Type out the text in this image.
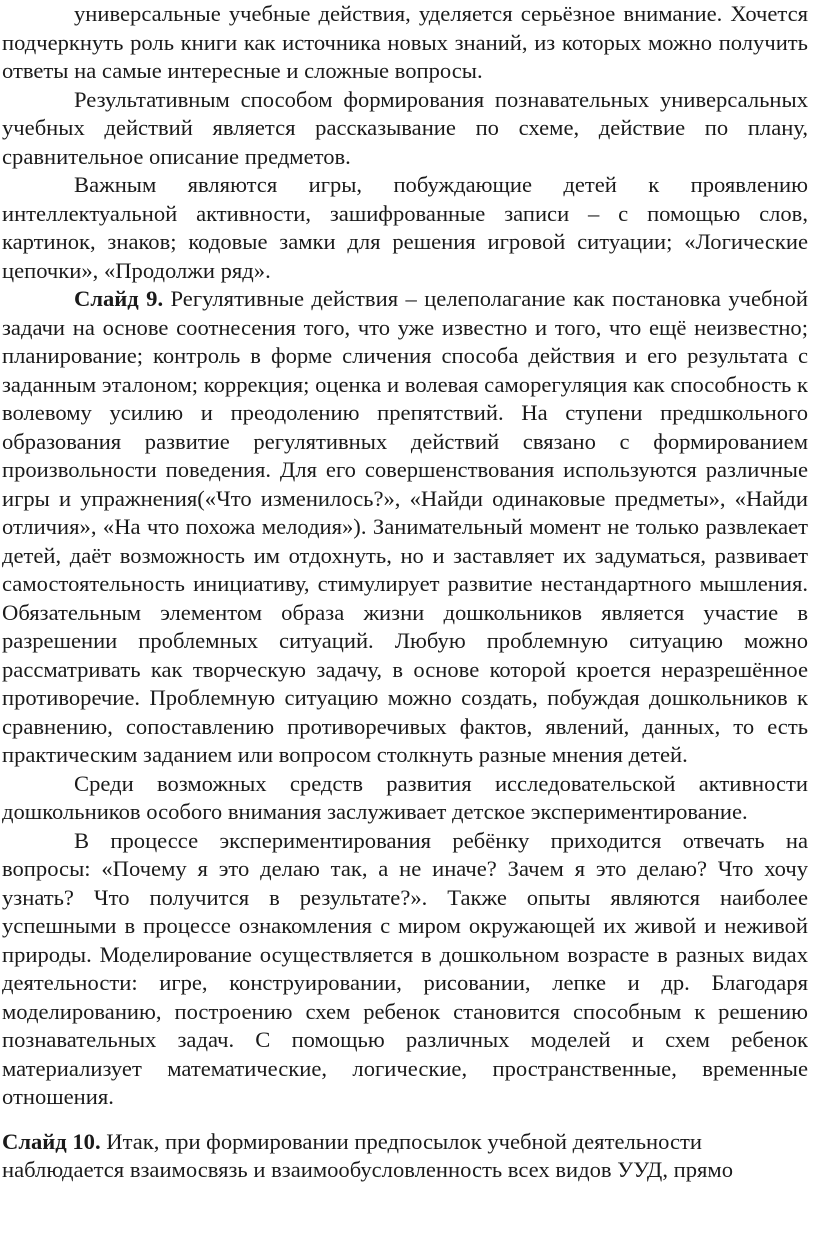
универсальные учебные действия, уделяется серьёзное внимание. Хочется подчеркнуть роль книги как источника новых знаний, из которых можно получить ответы на самые интересные и сложные вопросы.

Результативным способом формирования познавательных универсальных учебных действий является рассказывание по схеме, действие по плану, сравнительное описание предметов.

Важным являются игры, побуждающие детей к проявлению интеллектуальной активности, зашифрованные записи – с помощью слов, картинок, знаков; кодовые замки для решения игровой ситуации; «Логические цепочки», «Продолжи ряд».

Слайд 9. Регулятивные действия – целеполагание как постановка учебной задачи на основе соотнесения того, что уже известно и того, что ещё неизвестно; планирование; контроль в форме сличения способа действия и его результата с заданным эталоном; коррекция; оценка и волевая саморегуляция как способность к волевому усилию и преодолению препятствий. На ступени предшкольного образования развитие регулятивных действий связано с формированием произвольности поведения. Для его совершенствования используются различные игры и упражнения(«Что изменилось?», «Найди одинаковые предметы», «Найди отличия», «На что похожа мелодия»). Занимательный момент не только развлекает детей, даёт возможность им отдохнуть, но и заставляет их задуматься, развивает самостоятельность инициативу, стимулирует развитие нестандартного мышления. Обязательным элементом образа жизни дошкольников является участие в разрешении проблемных ситуаций. Любую проблемную ситуацию можно рассматривать как творческую задачу, в основе которой кроется неразрешённое противоречие. Проблемную ситуацию можно создать, побуждая дошкольников к сравнению, сопоставлению противоречивых фактов, явлений, данных, то есть практическим заданием или вопросом столкнуть разные мнения детей.

Среди возможных средств развития исследовательской активности дошкольников особого внимания заслуживает детское экспериментирование.

В процессе экспериментирования ребёнку приходится отвечать на вопросы: «Почему я это делаю так, а не иначе? Зачем я это делаю? Что хочу узнать? Что получится в результате?». Также опыты являются наиболее успешными в процессе ознакомления с миром окружающей их живой и неживой природы. Моделирование осуществляется в дошкольном возрасте в разных видах деятельности: игре, конструировании, рисовании, лепке и др. Благодаря моделированию, построению схем ребенок становится способным к решению познавательных задач. С помощью различных моделей и схем ребенок материализует математические, логические, пространственные, временные отношения.

Слайд 10. Итак, при формировании предпосылок учебной деятельности наблюдается взаимосвязь и взаимообусловленность всех видов УУД, прямо
